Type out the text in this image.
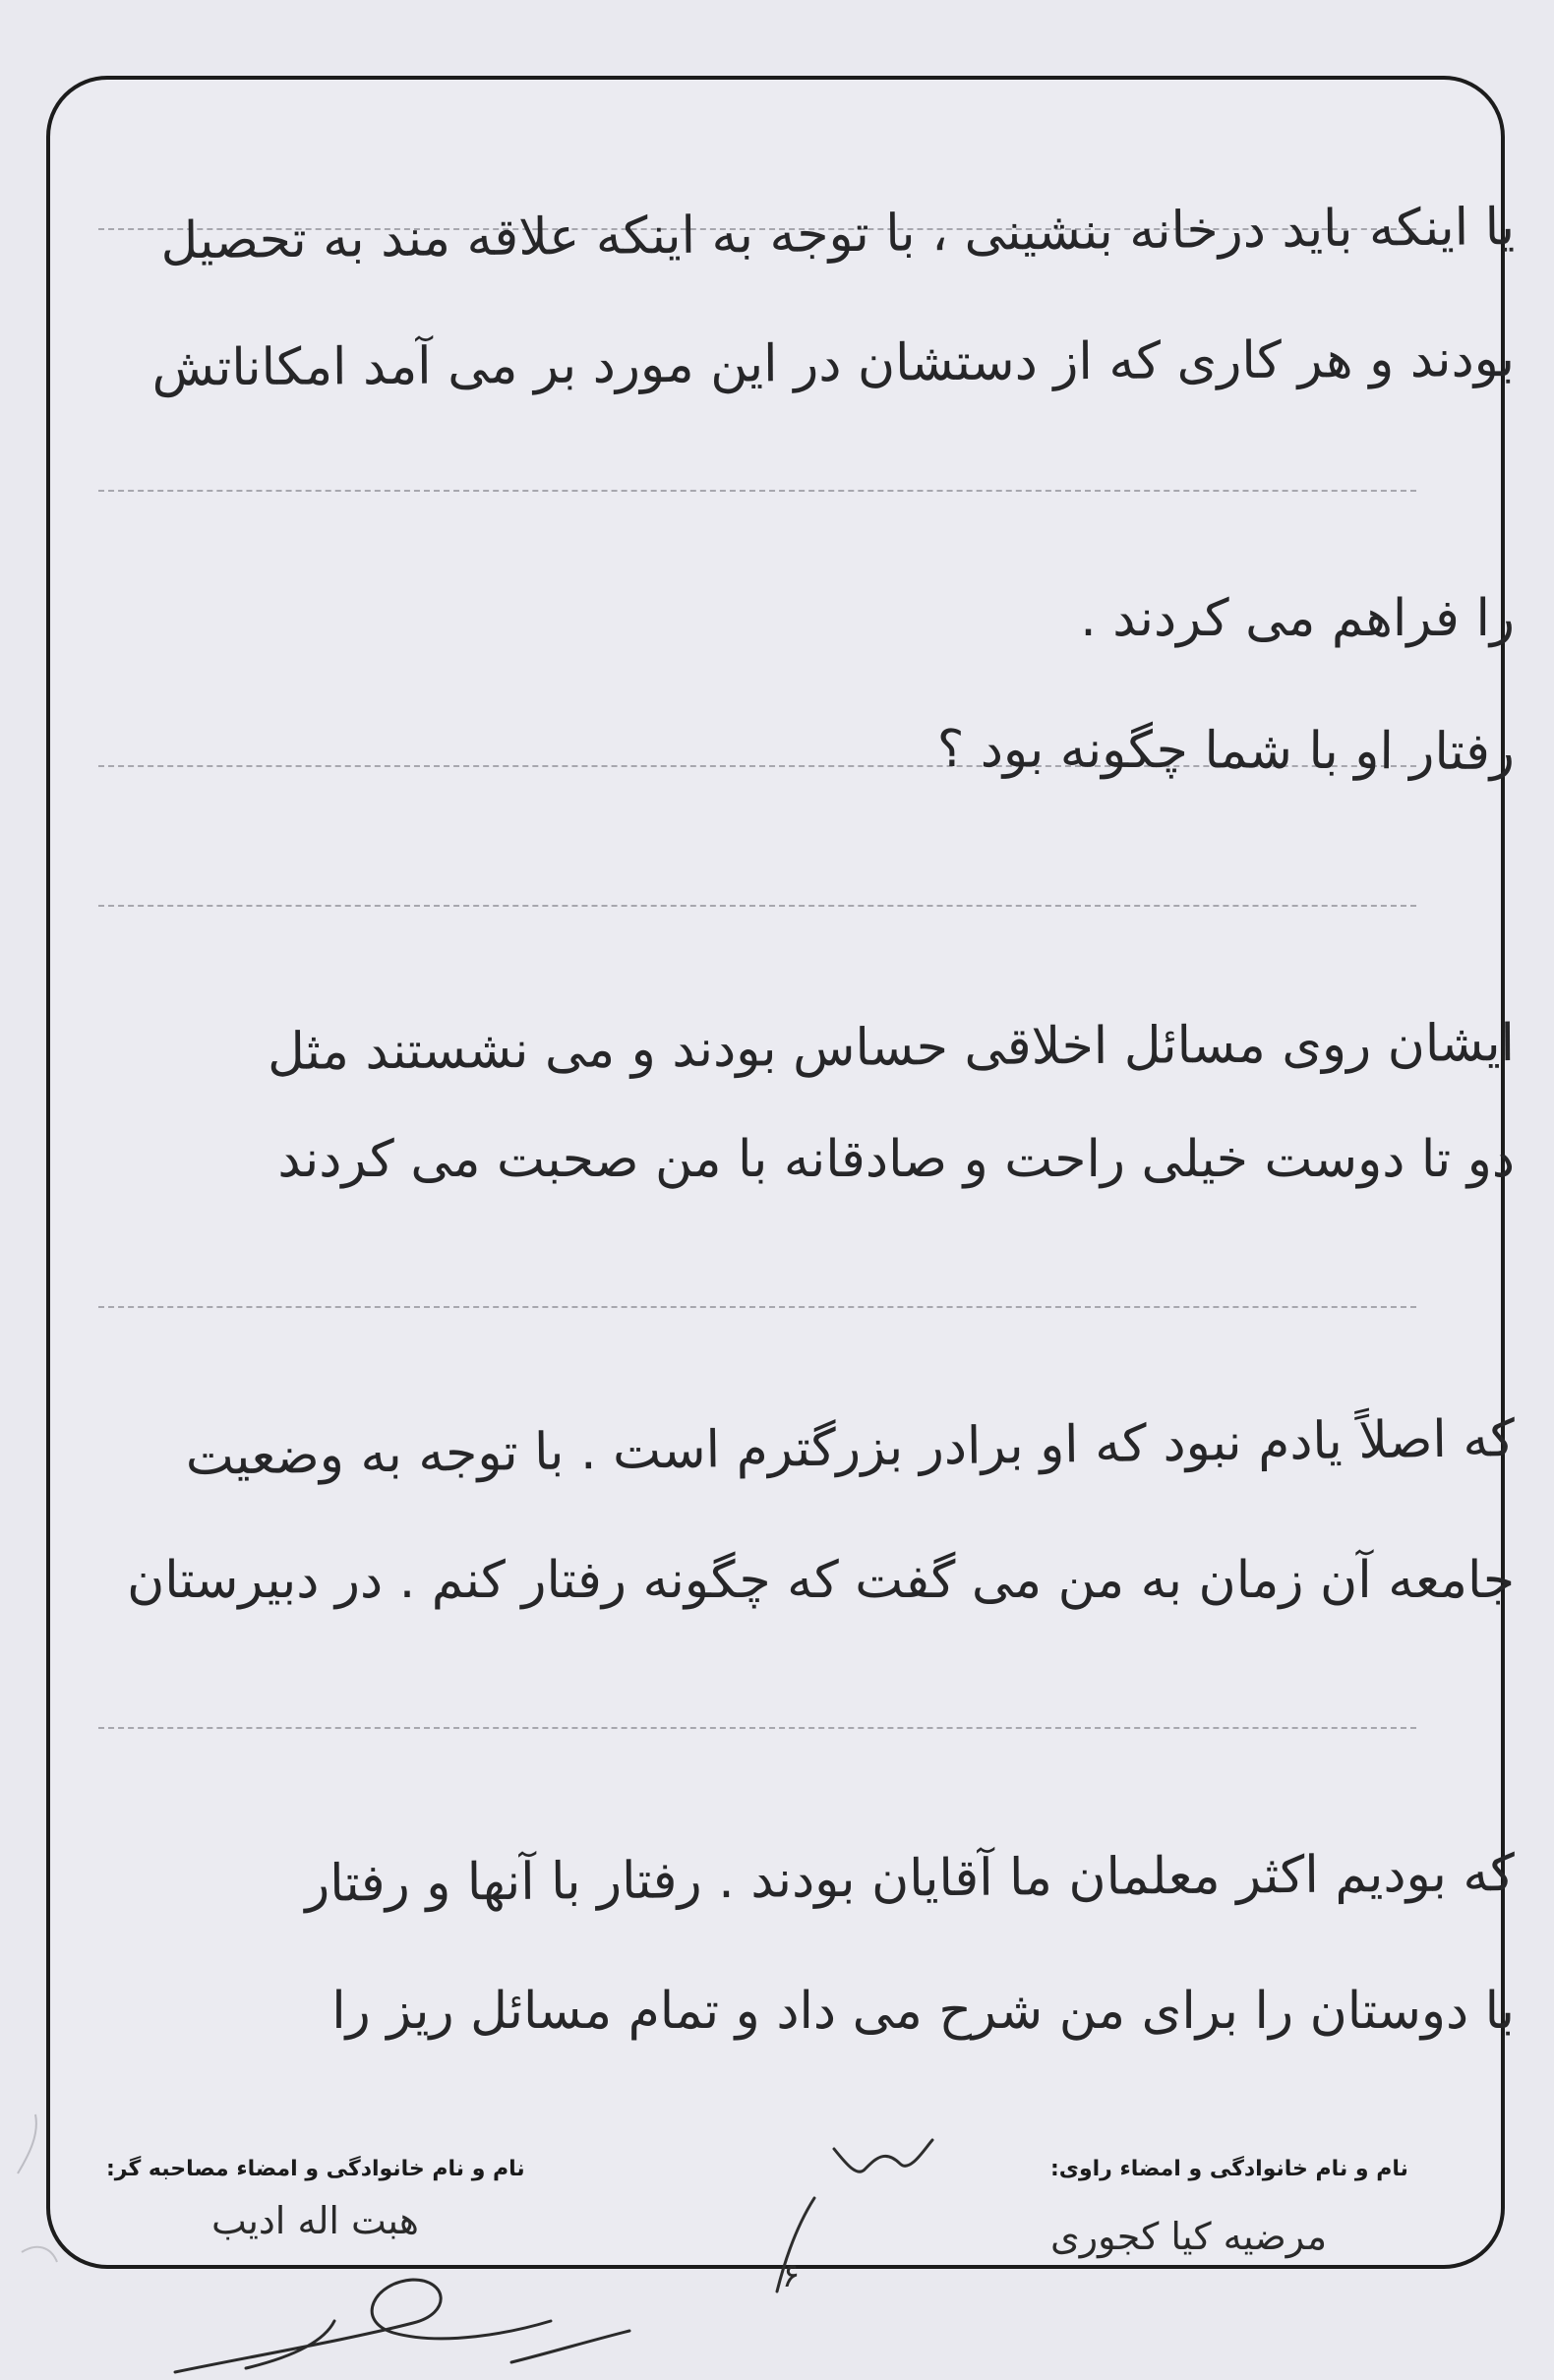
یا اینکه باید درخانه بنشینی ، با توجه به اینکه علاقه مند به تحصیل
بودند و هر کاری که از دستشان در این مورد بر می آمد امکاناتش
را فراهم می کردند .
رفتار او با شما چگونه بود ؟
ایشان روی مسائل اخلاقی حساس بودند و می نشستند مثل
دو تا دوست خیلی راحت و صادقانه با من صحبت می کردند
که اصلاً یادم نبود که او برادر بزرگترم است . با توجه به وضعیت
جامعه آن زمان به من می گفت که چگونه رفتار کنم . در دبیرستان
که بودیم اکثر معلمان ما آقایان بودند . رفتار با آنها و رفتار
با دوستان را برای من شرح می داد و تمام مسائل ریز را
نام و نام خانوادگی و امضاء مصاحبه گر:
هبت اله ادیب
نام و نام خانوادگی و امضاء راوی:
مرضیه کیا کجوری
۶
